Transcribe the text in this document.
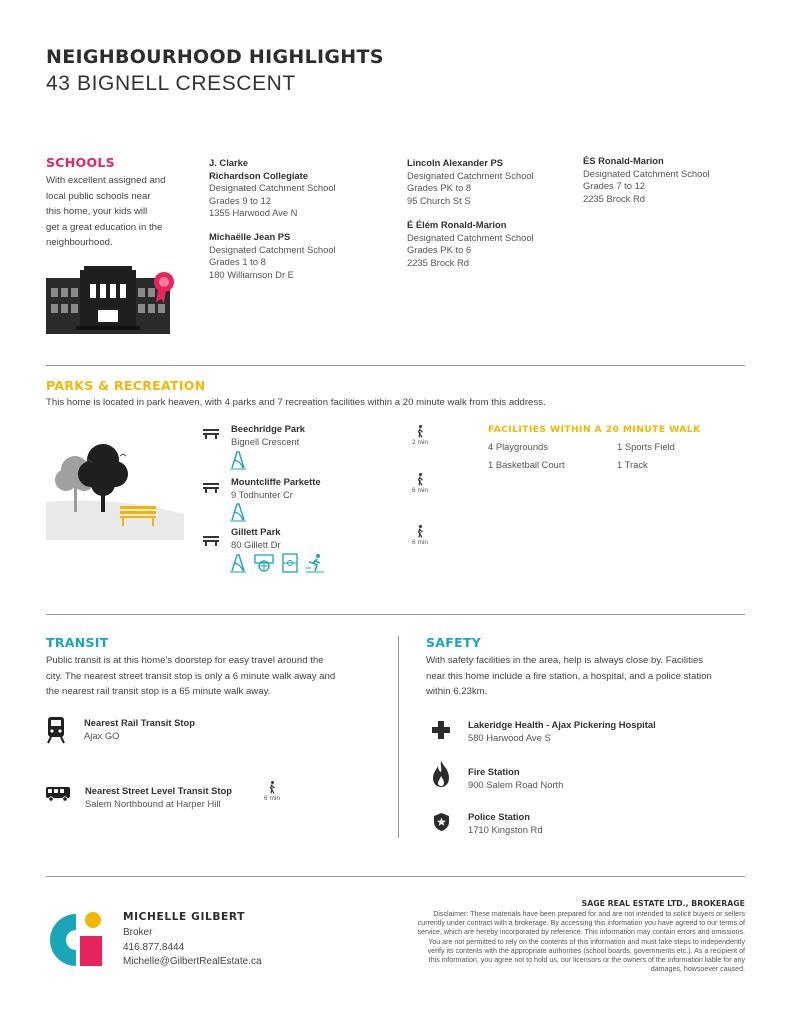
NEIGHBOURHOOD HIGHLIGHTS
43 BIGNELL CRESCENT
SCHOOLS
With excellent assigned and
local public schools near
this home, your kids will
get a great education in the
neighbourhood.
J. Clarke
Richardson Collegiate
Designated Catchment School
Grades 9 to 12
1355 Harwood Ave N
Michaëlle Jean PS
Designated Catchment School
Grades 1 to 8
180 Williamson Dr E
Lincoln Alexander PS
Designated Catchment School
Grades PK to 8
95 Church St S
É Élém Ronald-Marion
Designated Catchment School
Grades PK to 6
2235 Brock Rd
ÉS Ronald-Marion
Designated Catchment School
Grades 7 to 12
2235 Brock Rd
PARKS & RECREATION
This home is located in park heaven, with 4 parks and 7 recreation facilities within a 20 minute walk from this address.
Beechridge Park
Bignell Crescent	2 min
Mountcliffe Parkette
9 Todhunter Cr	6 min
Gillett Park
80 Gillett Dr
	6 min
FACILITIES WITHIN A 20 MINUTE WALK
4 Playgrounds	1 Sports Field
1 Basketball Court	1 Track
TRANSIT
Public transit is at this home's doorstep for easy travel around the
city. The nearest street transit stop is only a 6 minute walk away and
the nearest rail transit stop is a 65 minute walk away.
Nearest Rail Transit Stop
Ajax GO
Nearest Street Level Transit Stop
Salem Northbound at Harper Hill	6 min
SAFETY
With safety facilities in the area, help is always close by. Facilities
near this home include a fire station, a hospital, and a police station
within 6.23km.
Lakeridge Health - Ajax Pickering Hospital
580 Harwood Ave S
Fire Station
900 Salem Road North
Police Station
1710 Kingston Rd
MICHELLE GILBERT
Broker
416.877.8444
Michelle@GilbertRealEstate.ca
SAGE REAL ESTATE LTD., BROKERAGE
Disclaimer: These materials have been prepared for and are not intended to solicit buyers or sellers
currently under contract with a brokerage. By accessing this information you have agreed to our terms of
service, which are hereby incorporated by reference. This information may contain errors and omissions.
You are not permitted to rely on the contents of this information and must take steps to independently
verify its contents with the appropriate authorities (school boards, governments etc.). As a recipient of
this information, you agree not to hold us, our licensors or the owners of the information liable for any
damages, howsoever caused.
